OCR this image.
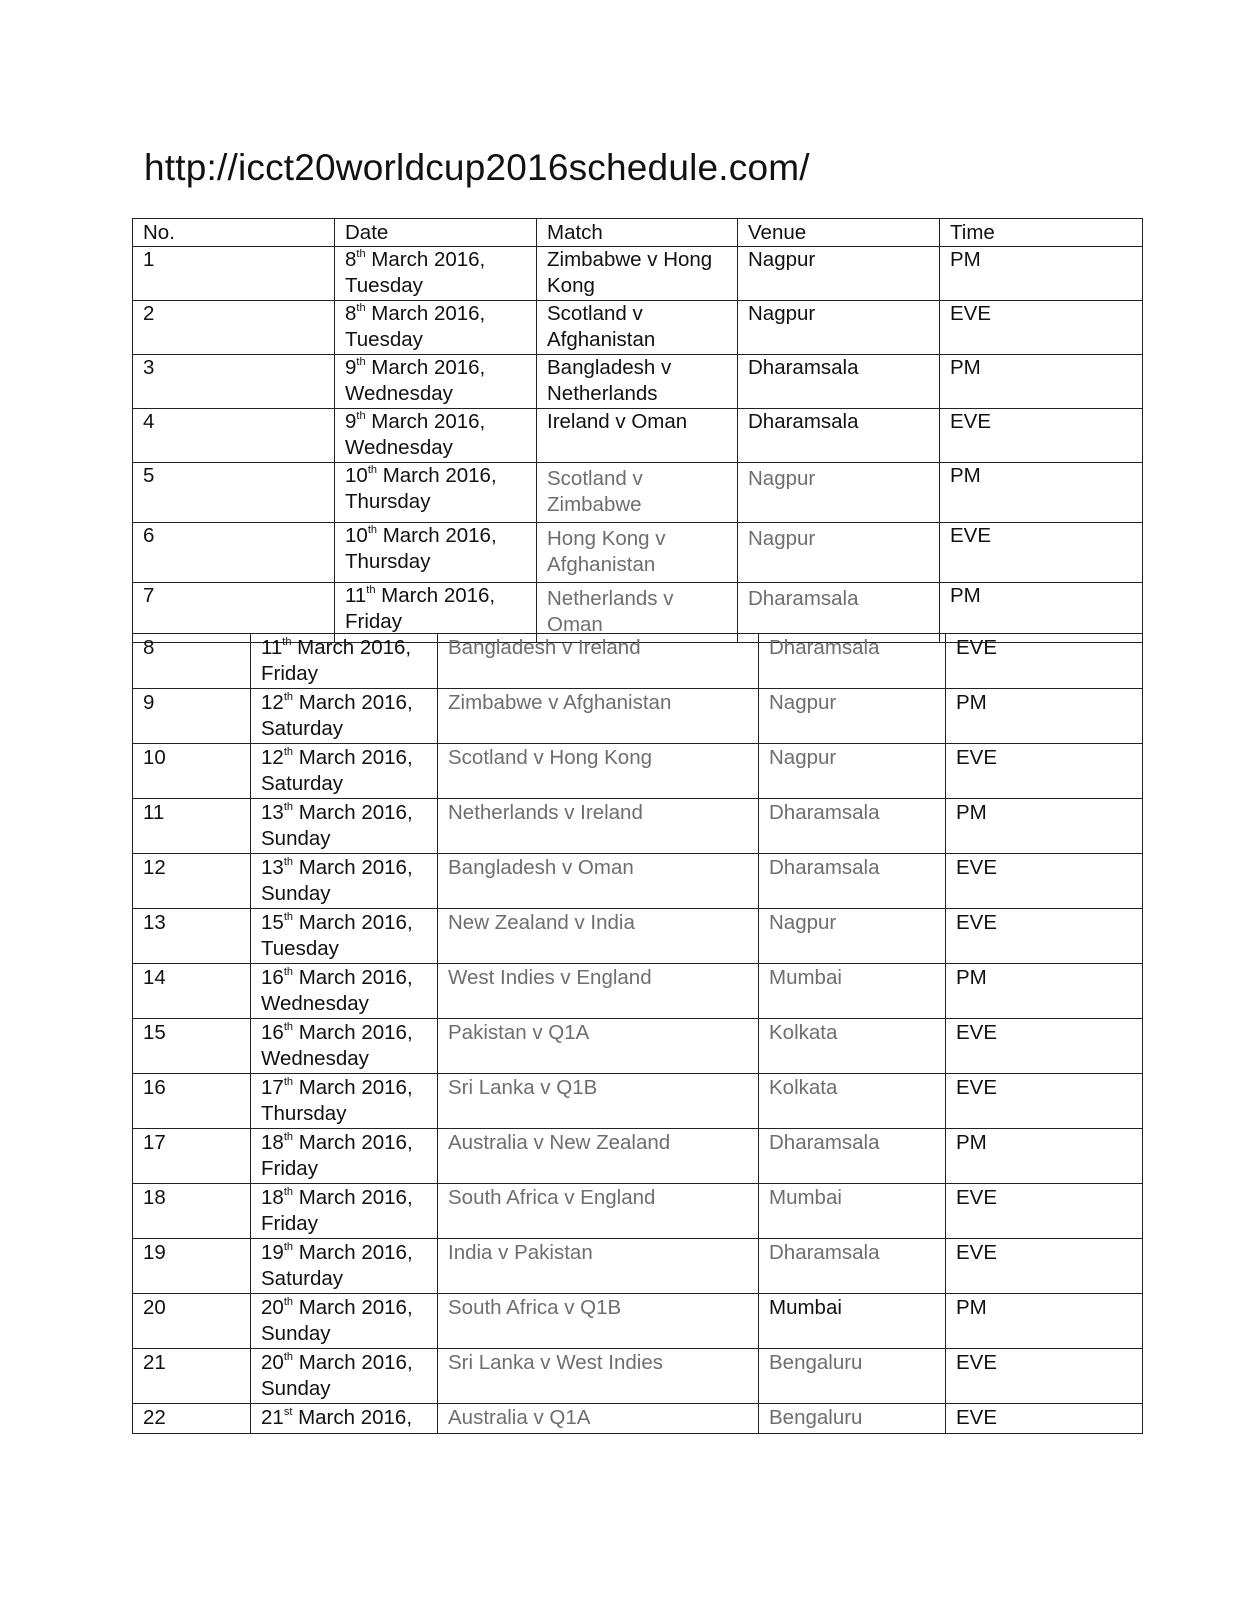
http://icct20worldcup2016schedule.com/
No.	Date	Match	Venue	Time
1	8th March 2016,
Tuesday	Zimbabwe v Hong Kong	Nagpur	PM
2	8th March 2016,
Tuesday	Scotland v Afghanistan	Nagpur	EVE
3	9th March 2016,
Wednesday	Bangladesh v Netherlands	Dharamsala	PM
4	9th March 2016,
Wednesday	Ireland v Oman	Dharamsala	EVE
5	10th March 2016,
Thursday	Scotland v Zimbabwe	Nagpur	PM
6	10th March 2016,
Thursday	Hong Kong v Afghanistan	Nagpur	EVE
7	11th March 2016,
Friday	Netherlands v Oman	Dharamsala	PM
8	11th March 2016,
Friday	Bangladesh v Ireland	Dharamsala	EVE
9	12th March 2016,
Saturday	Zimbabwe v Afghanistan	Nagpur	PM
10	12th March 2016,
Saturday	Scotland v Hong Kong	Nagpur	EVE
11	13th March 2016,
Sunday	Netherlands v Ireland	Dharamsala	PM
12	13th March 2016,
Sunday	Bangladesh v Oman	Dharamsala	EVE
13	15th March 2016,
Tuesday	New Zealand v India	Nagpur	EVE
14	16th March 2016,
Wednesday	West Indies v England	Mumbai	PM
15	16th March 2016,
Wednesday	Pakistan v Q1A	Kolkata	EVE
16	17th March 2016,
Thursday	Sri Lanka v Q1B	Kolkata	EVE
17	18th March 2016,
Friday	Australia v New Zealand	Dharamsala	PM
18	18th March 2016,
Friday	South Africa v England	Mumbai	EVE
19	19th March 2016,
Saturday	India v Pakistan	Dharamsala	EVE
20	20th March 2016,
Sunday	South Africa v Q1B	Mumbai	PM
21	20th March 2016,
Sunday	Sri Lanka v West Indies	Bengaluru	EVE
22	21st March 2016,	Australia v Q1A	Bengaluru	EVE
